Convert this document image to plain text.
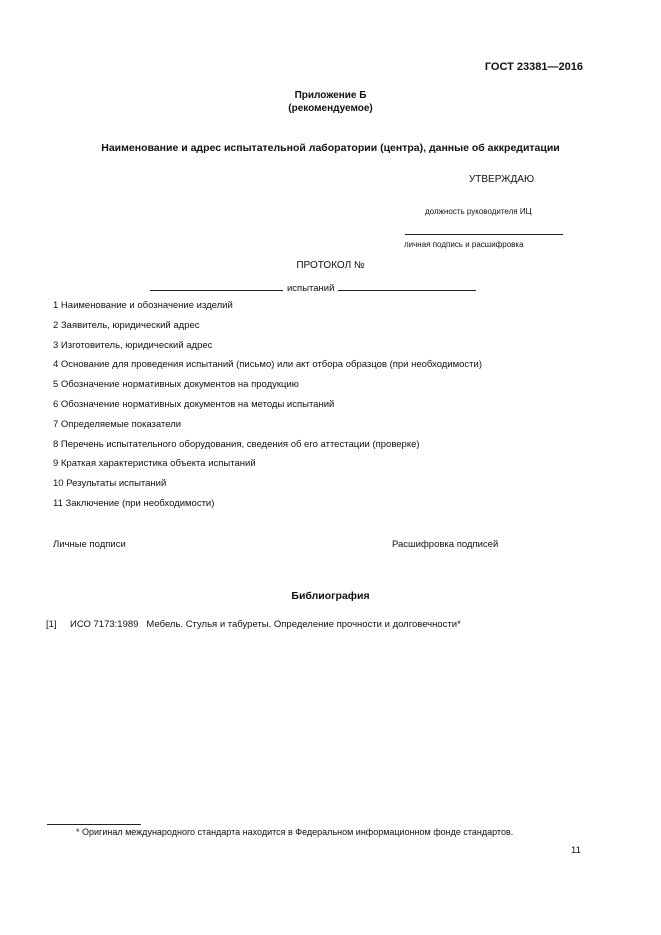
ГОСТ 23381—2016
Приложение Б
(рекомендуемое)
Наименование и адрес испытательной лаборатории (центра), данные об аккредитации
УТВЕРЖДАЮ
должность руководителя ИЦ
личная подпись и расшифровка
ПРОТОКОЛ №
испытаний
1 Наименование и обозначение изделий
2 Заявитель, юридический адрес
3 Изготовитель, юридический адрес
4 Основание для проведения испытаний (письмо) или акт отбора образцов (при необходимости)
5 Обозначение нормативных документов на продукцию
6 Обозначение нормативных документов на методы испытаний
7 Определяемые показатели
8 Перечень испытательного оборудования, сведения об его аттестации (проверке)
9 Краткая характеристика объекта испытаний
10 Результаты испытаний
11 Заключение (при необходимости)
Личные подписи	Расшифровка подписей
Библиография
[1] ИСО 7173:1989 Мебель. Стулья и табуреты. Определение прочности и долговечности*
* Оригинал международного стандарта находится в Федеральном информационном фонде стандартов.
11
